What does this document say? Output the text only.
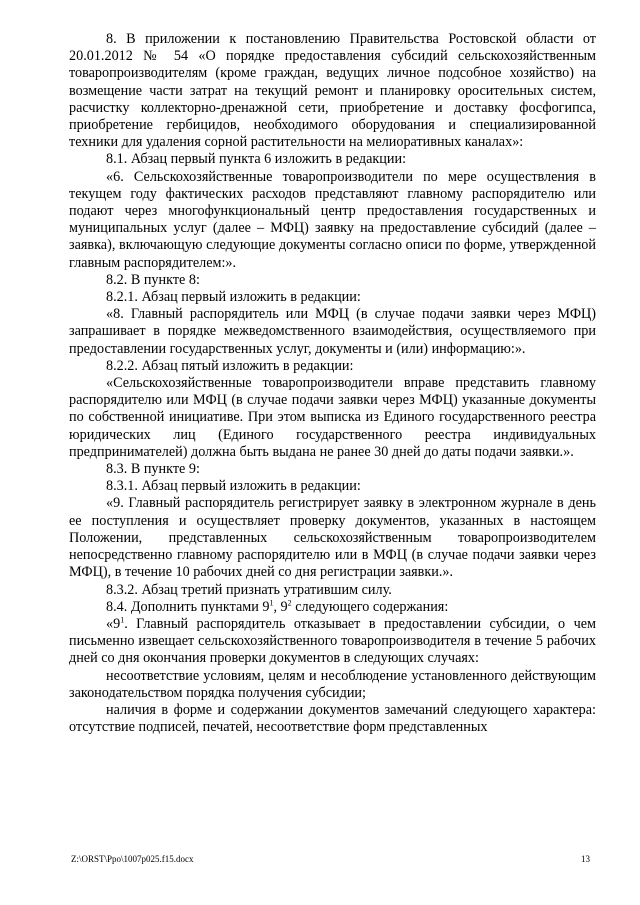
8. В приложении к постановлению Правительства Ростовской области от 20.01.2012 № 54 «О порядке предоставления субсидий сельскохозяйственным товаропроизводителям (кроме граждан, ведущих личное подсобное хозяйство) на возмещение части затрат на текущий ремонт и планировку оросительных систем, расчистку коллекторно-дренажной сети, приобретение и доставку фосфогипса, приобретение гербицидов, необходимого оборудования и специализированной техники для удаления сорной растительности на мелиоративных каналах»:

8.1. Абзац первый пункта 6 изложить в редакции:

«6. Сельскохозяйственные товаропроизводители по мере осуществления в текущем году фактических расходов представляют главному распорядителю или подают через многофункциональный центр предоставления государственных и муниципальных услуг (далее – МФЦ) заявку на предоставление субсидий (далее – заявка), включающую следующие документы согласно описи по форме, утвержденной главным распорядителем:».

8.2. В пункте 8:

8.2.1. Абзац первый изложить в редакции:

«8. Главный распорядитель или МФЦ (в случае подачи заявки через МФЦ) запрашивает в порядке межведомственного взаимодействия, осуществляемого при предоставлении государственных услуг, документы и (или) информацию:».

8.2.2. Абзац пятый изложить в редакции:

«Сельскохозяйственные товаропроизводители вправе представить главному распорядителю или МФЦ (в случае подачи заявки через МФЦ) указанные документы по собственной инициативе. При этом выписка из Единого государственного реестра юридических лиц (Единого государственного реестра индивидуальных предпринимателей) должна быть выдана не ранее 30 дней до даты подачи заявки.».

8.3. В пункте 9:

8.3.1. Абзац первый изложить в редакции:

«9. Главный распорядитель регистрирует заявку в электронном журнале в день ее поступления и осуществляет проверку документов, указанных в настоящем Положении, представленных сельскохозяйственным товаропроизводителем непосредственно главному распорядителю или в МФЦ (в случае подачи заявки через МФЦ), в течение 10 рабочих дней со дня регистрации заявки.».

8.3.2. Абзац третий признать утратившим силу.

8.4. Дополнить пунктами $9^1$, $9^2$ следующего содержания:

«$9^1$. Главный распорядитель отказывает в предоставлении субсидии, о чем письменно извещает сельскохозяйственного товаропроизводителя в течение 5 рабочих дней со дня окончания проверки документов в следующих случаях:

несоответствие условиям, целям и несоблюдение установленного действующим законодательством порядка получения субсидии;

наличия в форме и содержании документов замечаний следующего характера: отсутствие подписей, печатей, несоответствие форм представленных

Z:\ORST\Ppo\1007p025.f15.docx	13
